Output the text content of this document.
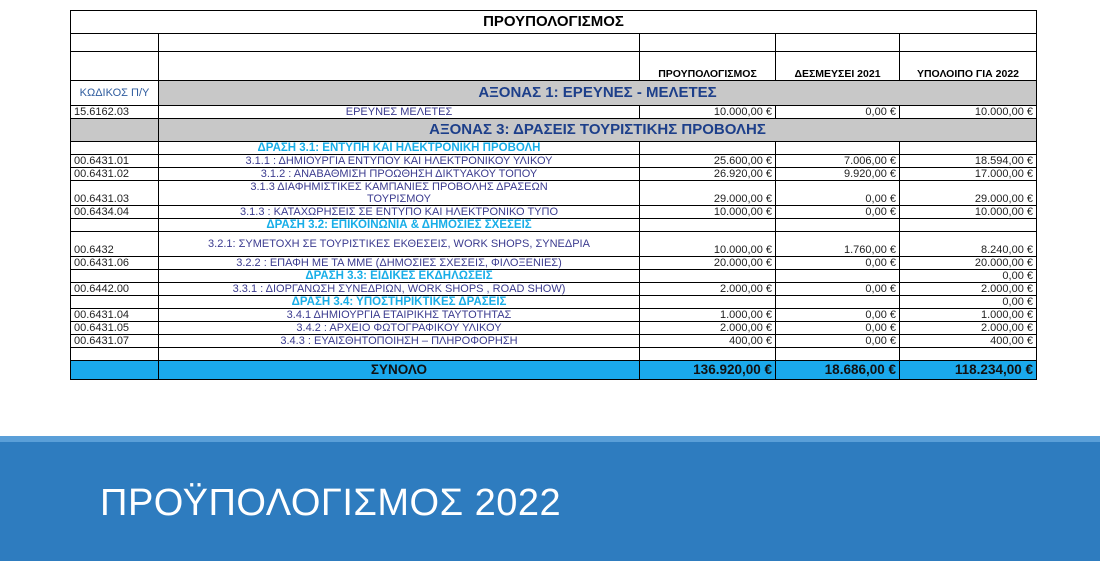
ΠΡΟΥΠΟΛΟΓΙΣΜΟΣ				

		ΠΡΟΥΠΟΛΟΓΙΣΜΟΣ	ΔΕΣΜΕΥΣΕΙ 2021	ΥΠΟΛΟΙΠΟ ΓΙΑ 2022
ΚΩΔΙΚΟΣ Π/Υ	ΑΞΟΝΑΣ 1: ΕΡΕΥΝΕΣ - ΜΕΛΕΤΕΣ			
15.6162.03	ΕΡΕΥΝΕΣ ΜΕΛΕΤΕΣ	10.000,00 €	0,00 €	10.000,00 €
	ΑΞΟΝΑΣ 3: ΔΡΑΣΕΙΣ ΤΟΥΡΙΣΤΙΚΗΣ ΠΡΟΒΟΛΗΣ			
	ΔΡΑΣΗ 3.1: ΕΝΤΥΠΗ ΚΑΙ ΗΛΕΚΤΡΟΝΙΚΗ ΠΡΟΒΟΛΗ			
00.6431.01	3.1.1 : ΔΗΜΙΟΥΡΓΙΑ ΕΝΤΥΠΟΥ ΚΑΙ ΗΛΕΚΤΡΟΝΙΚΟΥ ΥΛΙΚΟΥ	25.600,00 €	7.006,00 €	18.594,00 €
00.6431.02	3.1.2 : ΑΝΑΒΑΘΜΙΣΗ ΠΡΟΩΘΗΣΗ ΔΙΚΤΥΑΚΟΥ ΤΟΠΟΥ	26.920,00 €	9.920,00 €	17.000,00 €
00.6431.03	3.1.3 ΔΙΑΦΗΜΙΣΤΙΚΕΣ ΚΑΜΠΑΝΙΕΣ ΠΡΟΒΟΛΗΣ ΔΡΑΣΕΩΝ ΤΟΥΡΙΣΜΟΥ	29.000,00 €	0,00 €	29.000,00 €
00.6434.04	3.1.3 : ΚΑΤΑΧΩΡΗΣΕΙΣ ΣΕ ΕΝΤΥΠΟ ΚΑΙ ΗΛΕΚΤΡΟΝΙΚΟ ΤΥΠΟ	10.000,00 €	0,00 €	10.000,00 €
	ΔΡΑΣΗ 3.2: ΕΠΙΚΟΙΝΩΝΙΑ & ΔΗΜΟΣΙΕΣ ΣΧΕΣΕΙΣ			
00.6432	3.2.1: ΣΥΜΕΤΟΧΗ ΣΕ ΤΟΥΡΙΣΤΙΚΕΣ ΕΚΘΕΣΕΙΣ, WORK SHOPS, ΣΥΝΕΔΡΙΑ	10.000,00 €	1.760,00 €	8.240,00 €
00.6431.06	3.2.2 : ΕΠΑΦΗ ΜΕ ΤΑ ΜΜΕ (ΔΗΜΟΣΙΕΣ ΣΧΕΣΕΙΣ, ΦΙΛΟΞΕΝΙΕΣ)	20.000,00 €	0,00 €	20.000,00 €
	ΔΡΑΣΗ 3.3: ΕΙΔΙΚΕΣ ΕΚΔΗΛΩΣΕΙΣ			0,00 €
00.6442.00	3.3.1 : ΔΙΟΡΓΑΝΩΣΗ ΣΥΝΕΔΡΙΩΝ, WORK SHOPS , ROAD SHOW)	2.000,00 €	0,00 €	2.000,00 €
	ΔΡΑΣΗ 3.4: ΥΠΟΣΤΗΡΙΚΤΙΚΕΣ ΔΡΑΣΕΙΣ			0,00 €
00.6431.04	3.4.1 ΔΗΜΙΟΥΡΓΙΑ ΕΤΑΙΡΙΚΗΣ ΤΑΥΤΟΤΗΤΑΣ	1.000,00 €	0,00 €	1.000,00 €
00.6431.05	3.4.2 : ΑΡΧΕΙΟ ΦΩΤΟΓΡΑΦΙΚΟΥ ΥΛΙΚΟΥ	2.000,00 €	0,00 €	2.000,00 €
00.6431.07	3.4.3 : ΕΥΑΙΣΘΗΤΟΠΟΙΗΣΗ – ΠΛΗΡΟΦΟΡΗΣΗ	400,00 €	0,00 €	400,00 €

	ΣΥΝΟΛΟ	136.920,00 €	18.686,00 €	118.234,00 €
ΠΡΟΫΠΟΛΟΓΙΣΜΟΣ 2022
